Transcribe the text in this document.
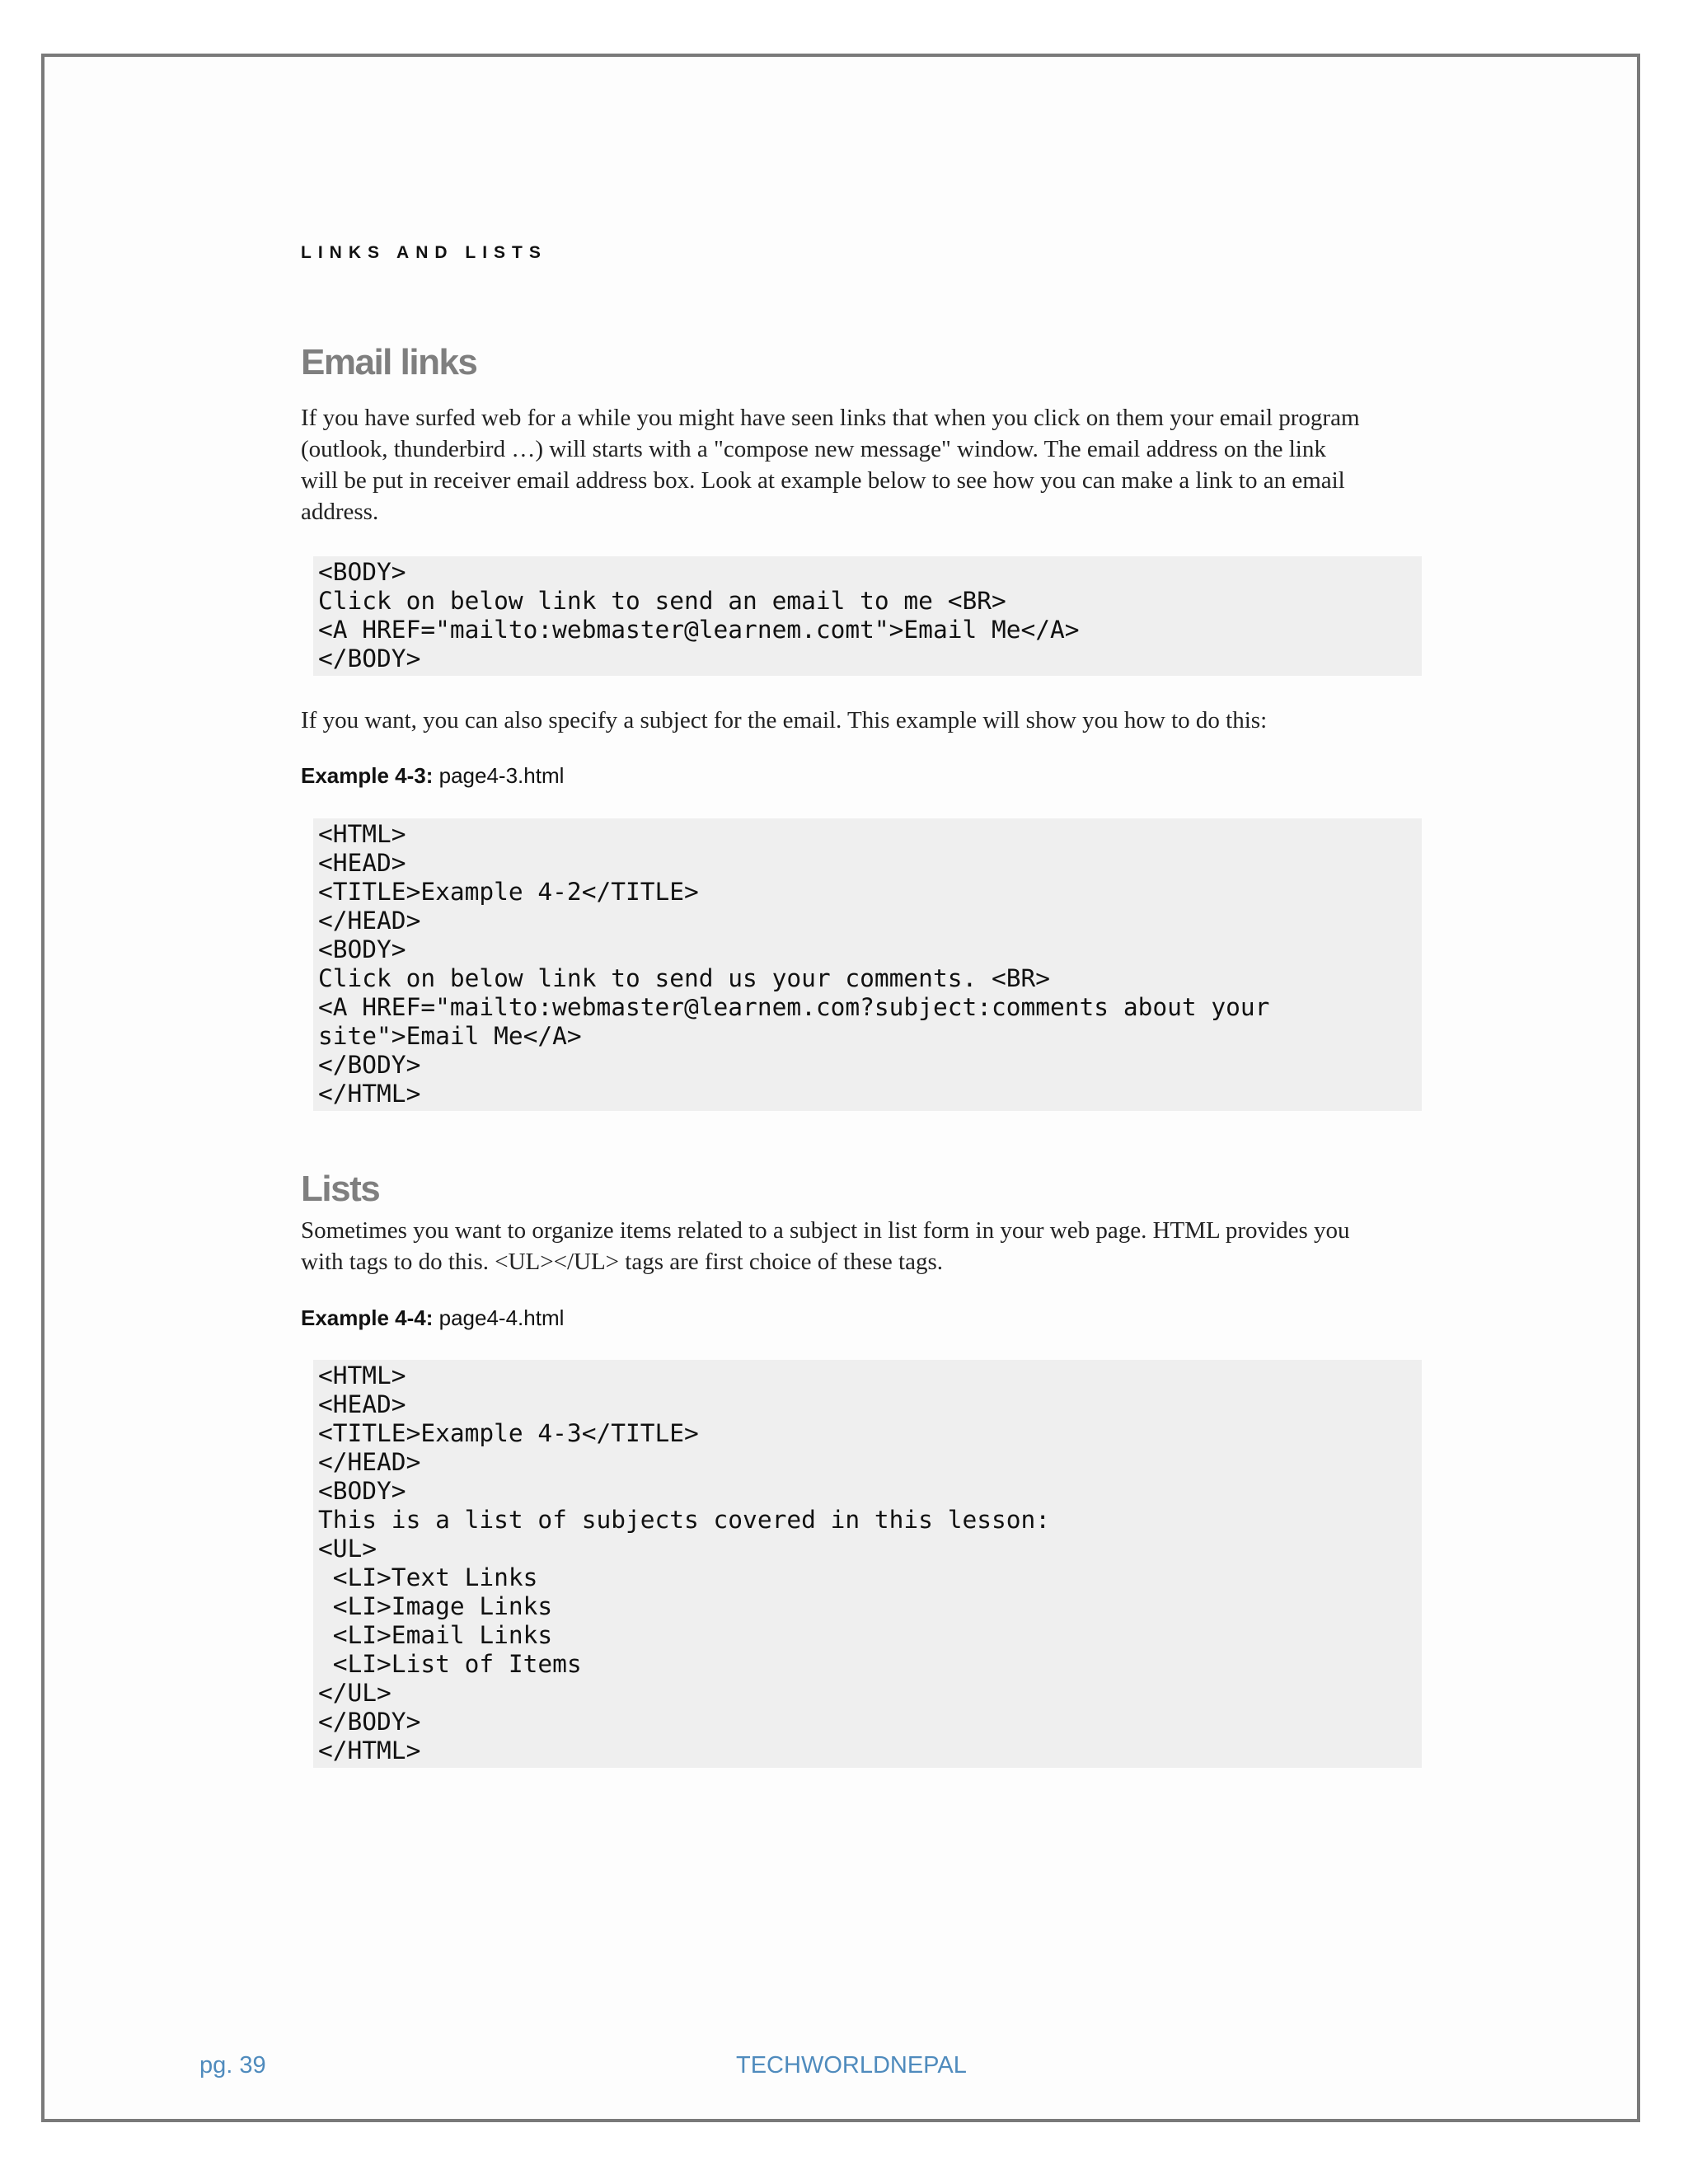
LINKS AND LISTS
Email links
If you have surfed web for a while you might have seen links that when you click on them your email program
(outlook, thunderbird …) will starts with a "compose new message" window. The email address on the link
will be put in receiver email address box. Look at example below to see how you can make a link to an email
address.
<BODY>
Click on below link to send an email to me <BR>
<A HREF="mailto:webmaster@learnem.comt">Email Me</A>
</BODY>
If you want, you can also specify a subject for the email. This example will show you how to do this:
Example 4-3: page4-3.html
<HTML>
<HEAD>
<TITLE>Example 4-2</TITLE>
</HEAD>
<BODY>
Click on below link to send us your comments. <BR>
<A HREF="mailto:webmaster@learnem.com?subject:comments about your
site">Email Me</A>
</BODY>
</HTML>
Lists
Sometimes you want to organize items related to a subject in list form in your web page. HTML provides you
with tags to do this. <UL></UL> tags are first choice of these tags.
Example 4-4: page4-4.html
<HTML>
<HEAD>
<TITLE>Example 4-3</TITLE>
</HEAD>
<BODY>
This is a list of subjects covered in this lesson:
<UL>
<LI>Text Links
<LI>Image Links
<LI>Email Links
<LI>List of Items
</UL>
</BODY>
</HTML>
pg. 39	TECHWORLDNEPAL
